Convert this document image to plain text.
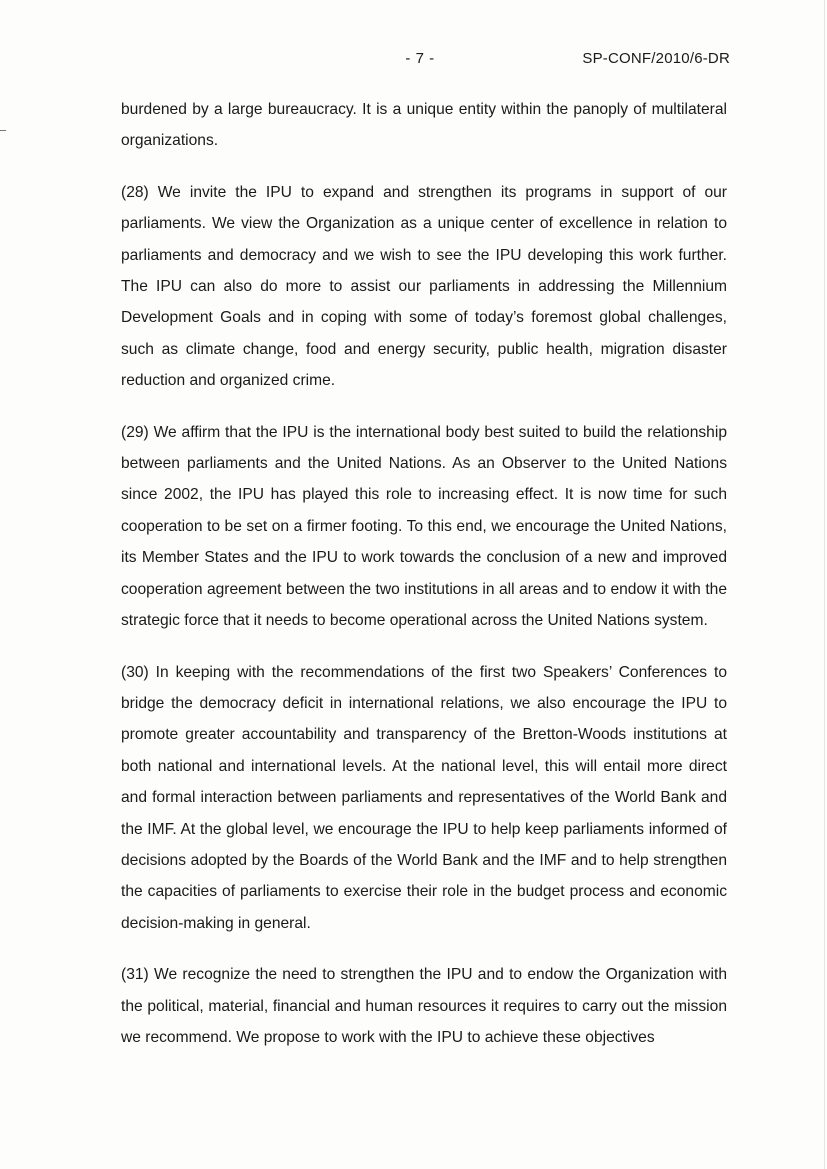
- 7 -	SP-CONF/2010/6-DR

burdened by a large bureaucracy. It is a unique entity within the panoply of multilateral organizations.

(28) We invite the IPU to expand and strengthen its programs in support of our parliaments. We view the Organization as a unique center of excellence in relation to parliaments and democracy and we wish to see the IPU developing this work further. The IPU can also do more to assist our parliaments in addressing the Millennium Development Goals and in coping with some of today’s foremost global challenges, such as climate change, food and energy security, public health, migration disaster reduction and organized crime.

(29) We affirm that the IPU is the international body best suited to build the relationship between parliaments and the United Nations. As an Observer to the United Nations since 2002, the IPU has played this role to increasing effect. It is now time for such cooperation to be set on a firmer footing. To this end, we encourage the United Nations, its Member States and the IPU to work towards the conclusion of a new and improved cooperation agreement between the two institutions in all areas and to endow it with the strategic force that it needs to become operational across the United Nations system.

(30) In keeping with the recommendations of the first two Speakers’ Conferences to bridge the democracy deficit in international relations, we also encourage the IPU to promote greater accountability and transparency of the Bretton-Woods institutions at both national and international levels. At the national level, this will entail more direct and formal interaction between parliaments and representatives of the World Bank and the IMF. At the global level, we encourage the IPU to help keep parliaments informed of decisions adopted by the Boards of the World Bank and the IMF and to help strengthen the capacities of parliaments to exercise their role in the budget process and economic decision-making in general.

(31) We recognize the need to strengthen the IPU and to endow the Organization with the political, material, financial and human resources it requires to carry out the mission we recommend. We propose to work with the IPU to achieve these objectives
